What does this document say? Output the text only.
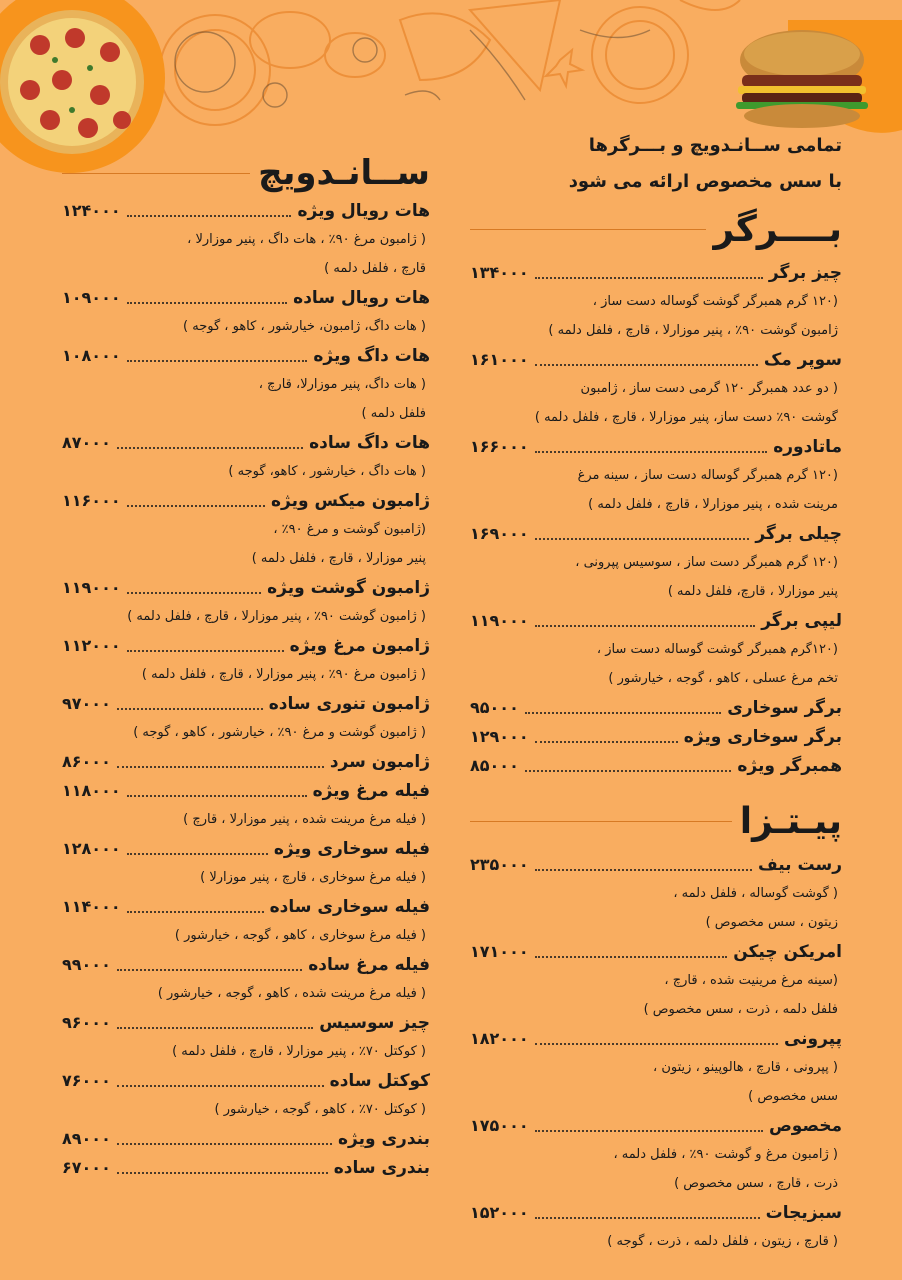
ســانـدویچ
هات رویال ویژه
۱۲۴۰۰۰
( ژامبون مرغ ۹۰٪ ، هات داگ ، پنیر موزارلا ،
قارچ ، فلفل دلمه )
هات رویال ساده
۱۰۹۰۰۰
( هات داگ، ژامبون، خیارشور ، کاهو ، گوجه )
هات داگ ویژه
۱۰۸۰۰۰
( هات داگ، پنیر موزارلا، قارچ ،
فلفل دلمه )
هات داگ ساده
۸۷۰۰۰
( هات داگ ، خیارشور ، کاهو، گوجه )
ژامبون میکس ویژه
۱۱۶۰۰۰
(ژامبون گوشت و مرغ ۹۰٪ ،
پنیر موزارلا ، قارچ ، فلفل دلمه )
ژامبون گوشت ویژه
۱۱۹۰۰۰
( ژامبون گوشت ۹۰٪ ، پنیر موزارلا ، قارچ ، فلفل دلمه )
ژامبون مرغ ویژه
۱۱۲۰۰۰
( ژامبون مرغ ۹۰٪ ، پنیر موزارلا ، قارچ ، فلفل دلمه )
ژامبون تنوری ساده
۹۷۰۰۰
( ژامبون گوشت و مرغ ۹۰٪ ، خیارشور ، کاهو ، گوجه )
ژامبون سرد
۸۶۰۰۰
فیله مرغ ویژه
۱۱۸۰۰۰
( فیله مرغ مرینت شده ، پنیر موزارلا ، قارچ )
فیله سوخاری ویژه
۱۲۸۰۰۰
( فیله مرغ سوخاری ، قارچ ، پنیر موزارلا )
فیله سوخاری ساده
۱۱۴۰۰۰
( فیله مرغ سوخاری ، کاهو ، گوجه ، خیارشور )
فیله مرغ ساده
۹۹۰۰۰
( فیله مرغ مرینت شده ، کاهو ، گوجه ، خیارشور )
چیز سوسیس
۹۶۰۰۰
( کوکتل ۷۰٪ ، پنیر موزارلا ، قارچ ، فلفل دلمه )
کوکتل ساده
۷۶۰۰۰
( کوکتل ۷۰٪ ، کاهو ، گوجه ، خیارشور )
بندری ویژه
۸۹۰۰۰
بندری ساده
۶۷۰۰۰
تمامی ســانـدویچ و بـــرگرها
با سس مخصوص ارائه می شود
بــــرگر
چیز برگر
۱۳۴۰۰۰
(۱۲۰ گرم همبرگر گوشت گوساله دست ساز ،
ژامبون گوشت ۹۰٪ ، پنیر موزارلا ، قارچ ، فلفل دلمه )
سوپر مک
۱۶۱۰۰۰
( دو عدد همبرگر ۱۲۰ گرمی دست ساز ، ژامبون
گوشت ۹۰٪ دست ساز، پنیر موزارلا ، قارچ ، فلفل دلمه )
ماتادوره
۱۶۶۰۰۰
(۱۲۰ گرم همبرگر گوساله دست ساز ، سینه مرغ
مرینت شده ، پنیر موزارلا ، قارچ ، فلفل دلمه )
چیلی برگر
۱۶۹۰۰۰
(۱۲۰ گرم همبرگر دست ساز ، سوسیس پپرونی ،
پنیر موزارلا ، قارچ، فلفل دلمه )
لیپی برگر
۱۱۹۰۰۰
(۱۲۰گرم همبرگر گوشت گوساله دست ساز ،
تخم مرغ عسلی ، کاهو ، گوجه ، خیارشور )
برگر سوخاری
۹۵۰۰۰
برگر سوخاری ویژه
۱۲۹۰۰۰
همبرگر ویژه
۸۵۰۰۰
پیـتـزا
رست بیف
۲۳۵۰۰۰
( گوشت گوساله ، فلفل دلمه ،
زیتون ، سس مخصوص )
امریکن چیکن
۱۷۱۰۰۰
(سینه مرغ مرینیت شده ، قارچ ،
فلفل دلمه ، ذرت ، سس مخصوص )
پپرونی
۱۸۲۰۰۰
( پپرونی ، قارچ ، هالوپینو ، زیتون ،
سس مخصوص )
مخصوص
۱۷۵۰۰۰
( ژامبون مرغ و گوشت ۹۰٪ ، فلفل دلمه ،
ذرت ، قارچ ، سس مخصوص )
سبزیجات
۱۵۲۰۰۰
( قارچ ، زیتون ، فلفل دلمه ، ذرت ، گوجه )
